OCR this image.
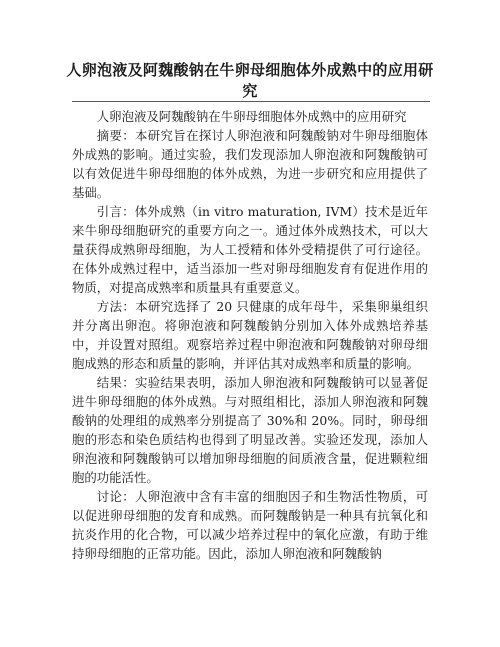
人卵泡液及阿魏酸钠在牛卵母细胞体外成熟中的应用研究

人卵泡液及阿魏酸钠在牛卵母细胞体外成熟中的应用研究

摘要：本研究旨在探讨人卵泡液和阿魏酸钠对牛卵母细胞体外成熟的影响。通过实验，我们发现添加人卵泡液和阿魏酸钠可以有效促进牛卵母细胞的体外成熟，为进一步研究和应用提供了基础。

引言：体外成熟（in vitro maturation, IVM）技术是近年来牛卵母细胞研究的重要方向之一。通过体外成熟技术，可以大量获得成熟卵母细胞，为人工授精和体外受精提供了可行途径。在体外成熟过程中，适当添加一些对卵母细胞发育有促进作用的物质，对提高成熟率和质量具有重要意义。

方法：本研究选择了 20 只健康的成年母牛，采集卵巢组织并分离出卵泡。将卵泡液和阿魏酸钠分别加入体外成熟培养基中，并设置对照组。观察培养过程中卵泡液和阿魏酸钠对卵母细胞成熟的形态和质量的影响，并评估其对成熟率和质量的影响。

结果：实验结果表明，添加人卵泡液和阿魏酸钠可以显著促进牛卵母细胞的体外成熟。与对照组相比，添加人卵泡液和阿魏酸钠的处理组的成熟率分别提高了 30%和 20%。同时，卵母细胞的形态和染色质结构也得到了明显改善。实验还发现，添加人卵泡液和阿魏酸钠可以增加卵母细胞的间质液含量，促进颗粒细胞的功能活性。

讨论：人卵泡液中含有丰富的细胞因子和生物活性物质，可以促进卵母细胞的发育和成熟。而阿魏酸钠是一种具有抗氧化和抗炎作用的化合物，可以减少培养过程中的氧化应激，有助于维持卵母细胞的正常功能。因此，添加人卵泡液和阿魏酸钠
